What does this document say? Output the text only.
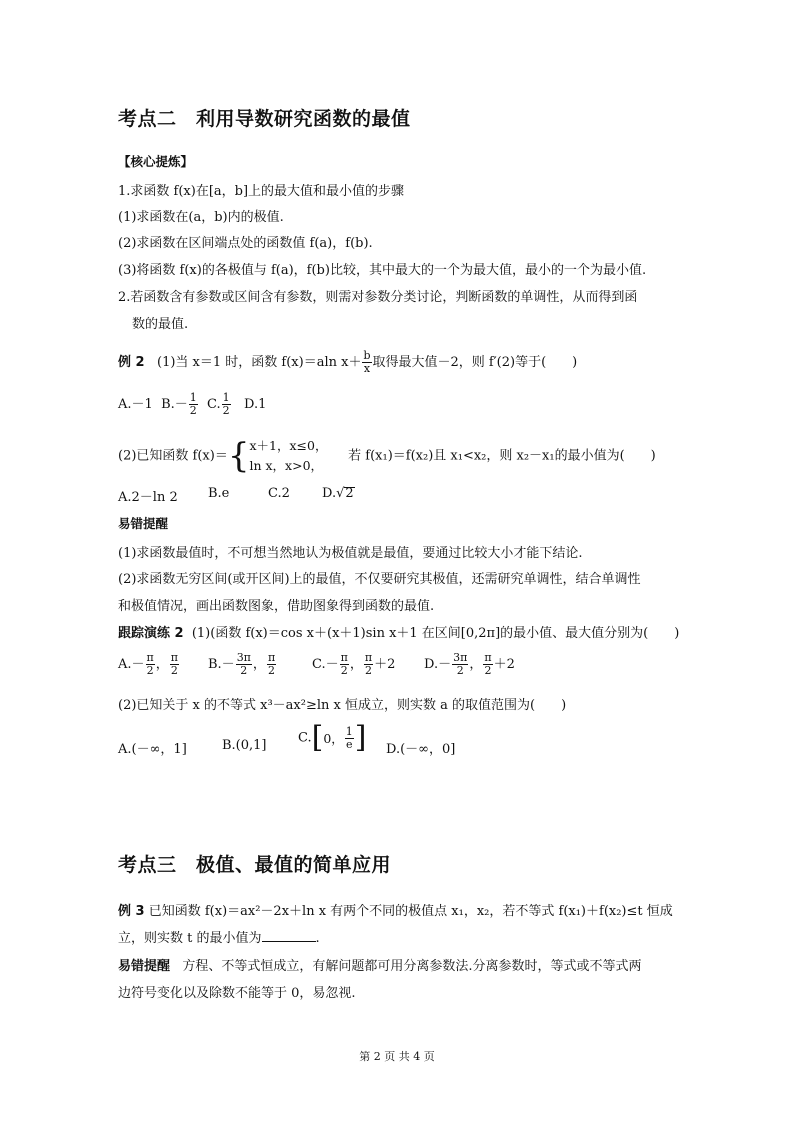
考点二　利用导数研究函数的最值
【核心提炼】
1.求函数 f(x)在[a，b]上的最大值和最小值的步骤
(1)求函数在(a，b)内的极值.
(2)求函数在区间端点处的函数值 f(a)，f(b).
(3)将函数 f(x)的各极值与 f(a)，f(b)比较，其中最大的一个为最大值，最小的一个为最小值.
2.若函数含有参数或区间含有参数，则需对参数分类讨论，判断函数的单调性，从而得到函
数的最值.
例 2 (1)当 x＝1 时，函数 f(x)＝aln $x+ \frac{b}{x}$ 取得最大值－2，则 f′(2)等于(　　)
A.－1 $B.- \frac{1}{2} C$. $\frac{1}{2} D.1$
(2)已知函数 f(x)＝{ x＋1，x≤0，
ln x，x>0，
若 f(x₁)＝f(x₂)且 x₁<x₂，则 x₂－x₁的最小值为(　　)
A.2－ln 2 B.e	C.2 D.√2
易错提醒
(1)求函数最值时，不可想当然地认为极值就是最值，要通过比较大小才能下结论.
(2)求函数无穷区间(或开区间)上的最值，不仅要研究其极值，还需研究单调性，结合单调性
和极值情况，画出函数图象，借助图象得到函数的最值.
跟踪演练 2 (1)(函数 f(x)＝cos x＋(x＋1)sin x＋1 在区间[0,2π]的最小值、最大值分别为(　　)
$A.- \frac{\pi}{2}$ ， $\frac{\pi}{2} B.- \frac{3\pi}{2}$ ， $\frac{\pi}{2}$	$C.- \frac{\pi}{2}$ ， $\frac{\pi}{2} +2$ $D.- \frac{3\pi}{2}$ ， $\frac{\pi}{2} +2$
(2)已知关于 x 的不等式 x³－ax²≥ln x 恒成立，则实数 a 的取值范围为(　　)
A.(－∞，1]	B.(0,1] C.[0， $\frac{1}{e}$ ] D.(－∞，0]
考点三　极值、最值的简单应用
例 3 已知函数 f(x)＝ax²－2x＋ln x 有两个不同的极值点 x₁，x₂，若不等式 f(x₁)＋f(x₂)≤t 恒成
立，则实数 t 的最小值为	.
易错提醒 方程、不等式恒成立，有解问题都可用分离参数法.分离参数时，等式或不等式两
边符号变化以及除数不能等于 0，易忽视.
第 2 页 共 4 页
